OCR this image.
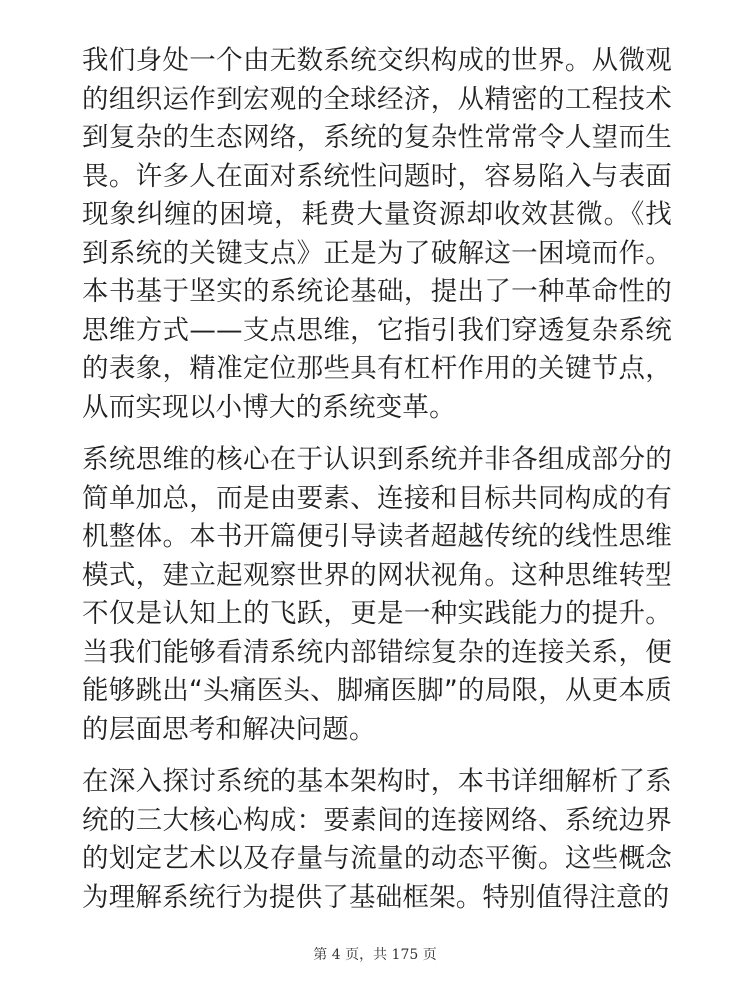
我们身处一个由无数系统交织构成的世界。从微观的组织运作到宏观的全球经济，从精密的工程技术到复杂的生态网络，系统的复杂性常常令人望而生畏。许多人在面对系统性问题时，容易陷入与表面现象纠缠的困境，耗费大量资源却收效甚微。《找到系统的关键支点》正是为了破解这一困境而作。本书基于坚实的系统论基础，提出了一种革命性的思维方式——支点思维，它指引我们穿透复杂系统的表象，精准定位那些具有杠杆作用的关键节点，从而实现以小博大的系统变革。

系统思维的核心在于认识到系统并非各组成部分的简单加总，而是由要素、连接和目标共同构成的有机整体。本书开篇便引导读者超越传统的线性思维模式，建立起观察世界的网状视角。这种思维转型不仅是认知上的飞跃，更是一种实践能力的提升。当我们能够看清系统内部错综复杂的连接关系，便能够跳出“头痛医头、脚痛医脚”的局限，从更本质的层面思考和解决问题。

在深入探讨系统的基本架构时，本书详细解析了系统的三大核心构成：要素间的连接网络、系统边界的划定艺术以及存量与流量的动态平衡。这些概念为理解系统行为提供了基础框架。特别值得注意的

第 4 页，共 175 页
